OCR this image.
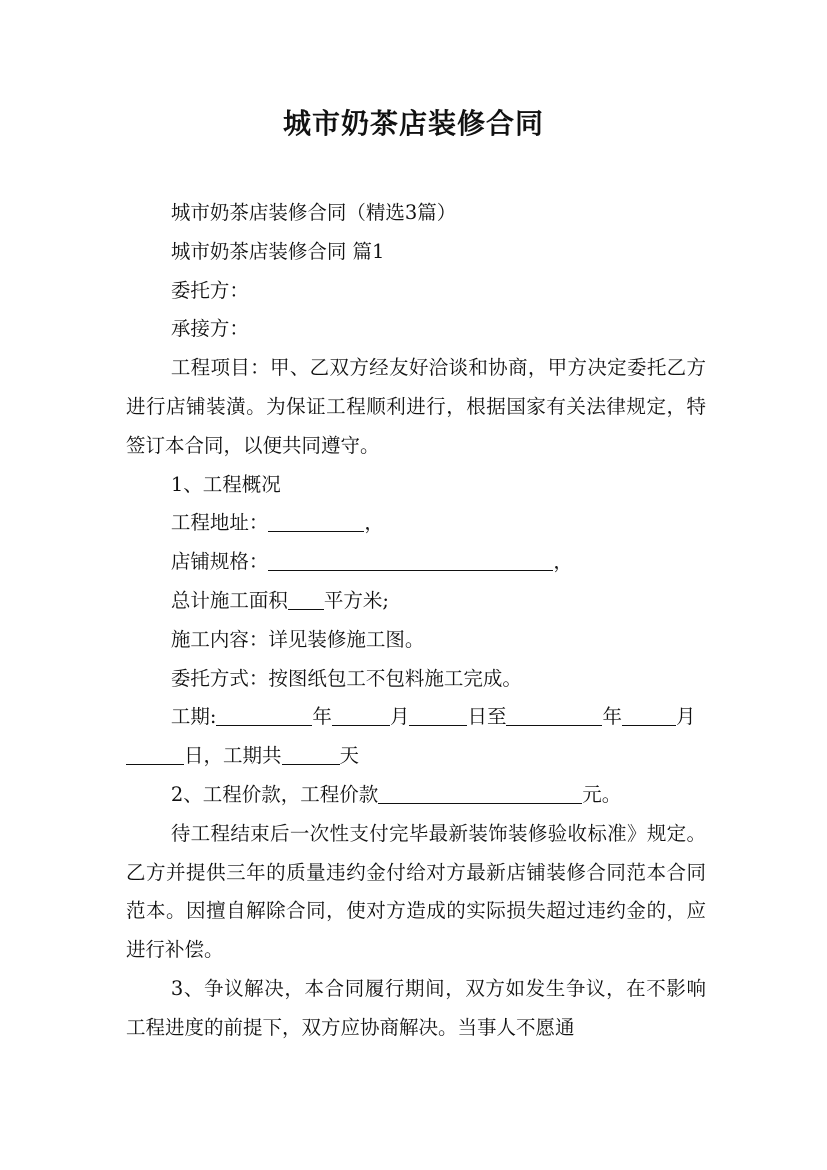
城市奶茶店装修合同

城市奶茶店装修合同（精选3篇）

城市奶茶店装修合同 篇1

委托方：

承接方：

工程项目：甲、乙双方经友好洽谈和协商，甲方决定委托乙方进行店铺装潢。为保证工程顺利进行，根据国家有关法律规定，特签订本合同，以便共同遵守。

1、工程概况

工程地址：	，

店铺规格：	，

总计施工面积 平方米;

施工内容：详见装修施工图。

委托方式：按图纸包工不包料施工完成。

工期:	年	月	日至	年	月日，工期共	天

2、工程价款，工程价款	元。

待工程结束后一次性支付完毕最新装饰装修验收标准》规定。乙方并提供三年的质量违约金付给对方最新店铺装修合同范本合同范本。因擅自解除合同，使对方造成的实际损失超过违约金的，应进行补偿。

3、争议解决，本合同履行期间，双方如发生争议，在不影响工程进度的前提下，双方应协商解决。当事人不愿通
